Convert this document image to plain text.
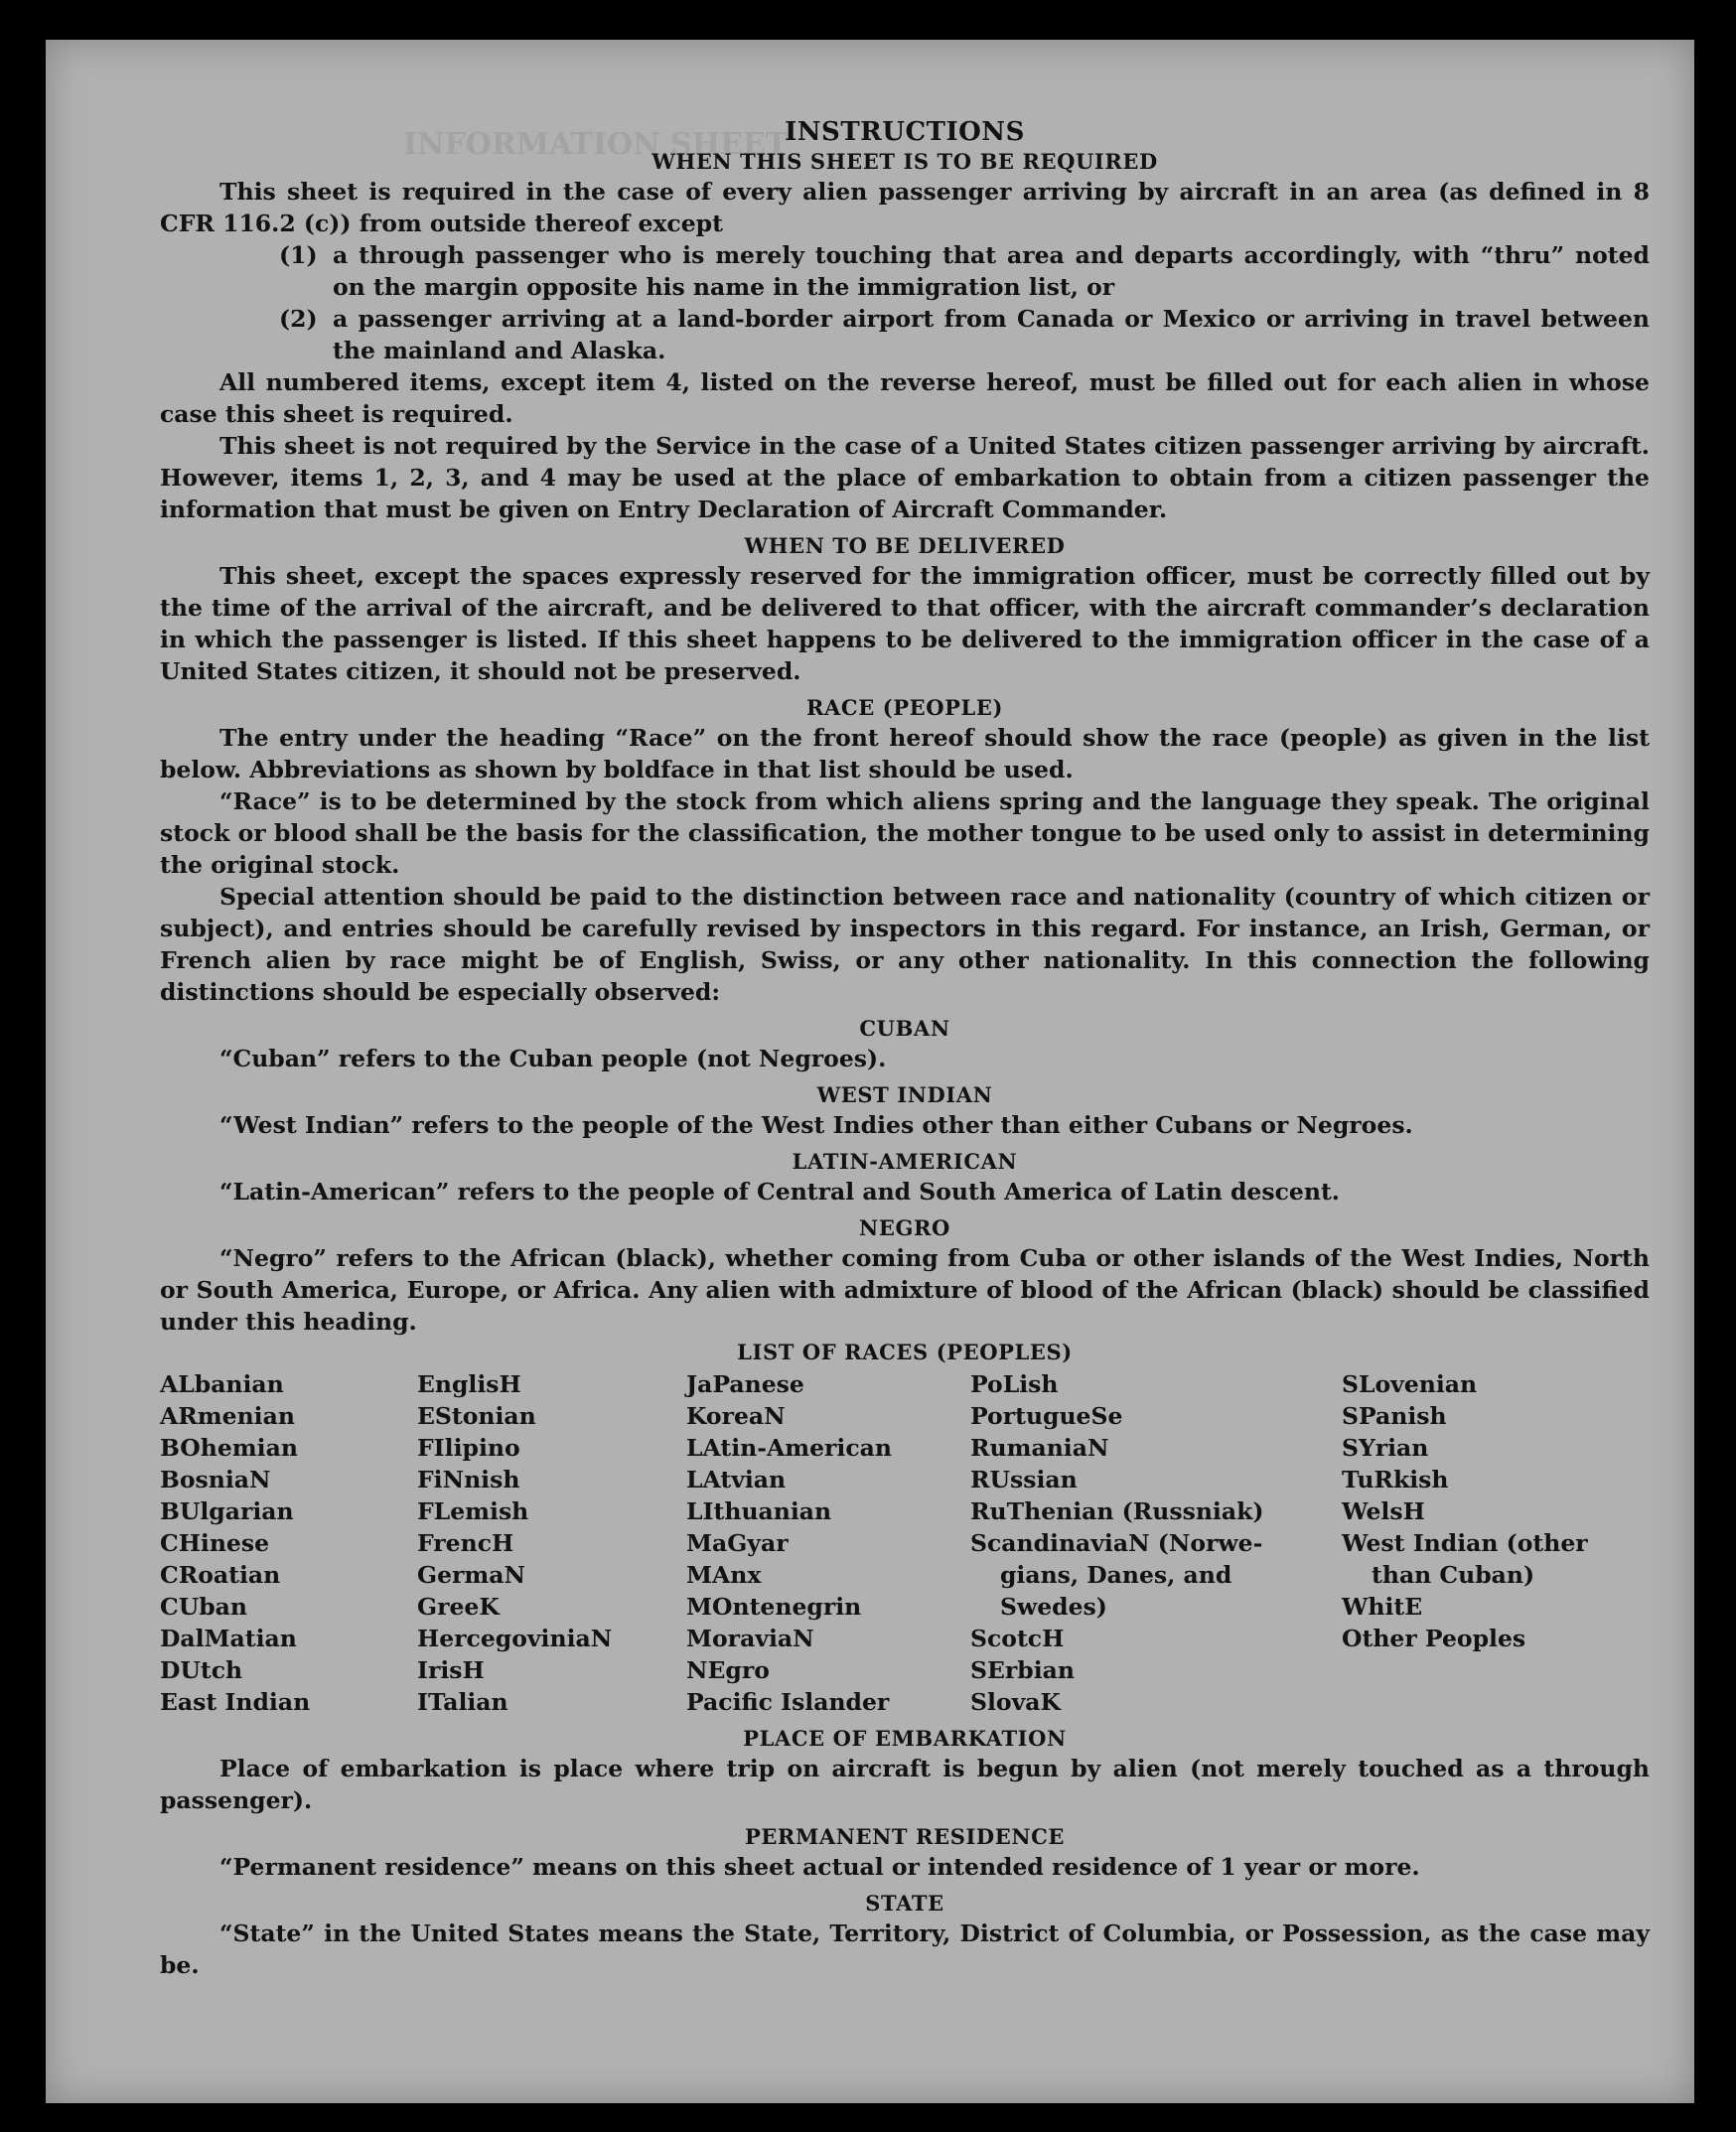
INFORMATION SHEET
INSTRUCTIONS
WHEN THIS SHEET IS TO BE REQUIRED

This sheet is required in the case of every alien passenger arriving by aircraft in an area (as defined in 8 CFR 116.2 (c)) from outside thereof except

(1) a through passenger who is merely touching that area and departs accordingly, with “thru” noted on the margin opposite his name in the immigration list, or

(2) a passenger arriving at a land-border airport from Canada or Mexico or arriving in travel between the mainland and Alaska.

All numbered items, except item 4, listed on the reverse hereof, must be filled out for each alien in whose case this sheet is required.

This sheet is not required by the Service in the case of a United States citizen passenger arriving by aircraft. However, items 1, 2, 3, and 4 may be used at the place of embarkation to obtain from a citizen passenger the information that must be given on Entry Declaration of Aircraft Commander.

WHEN TO BE DELIVERED

This sheet, except the spaces expressly reserved for the immigration officer, must be correctly filled out by the time of the arrival of the aircraft, and be delivered to that officer, with the aircraft commander’s declaration in which the passenger is listed. If this sheet happens to be delivered to the immigration officer in the case of a United States citizen, it should not be preserved.

RACE (PEOPLE)

The entry under the heading “Race” on the front hereof should show the race (people) as given in the list below. Abbreviations as shown by boldface in that list should be used.

“Race” is to be determined by the stock from which aliens spring and the language they speak. The original stock or blood shall be the basis for the classification, the mother tongue to be used only to assist in determining the original stock.

Special attention should be paid to the distinction between race and nationality (country of which citizen or subject), and entries should be carefully revised by inspectors in this regard. For instance, an Irish, German, or French alien by race might be of English, Swiss, or any other nationality. In this connection the following distinctions should be especially observed:

CUBAN

“Cuban” refers to the Cuban people (not Negroes).

WEST INDIAN

“West Indian” refers to the people of the West Indies other than either Cubans or Negroes.

LATIN-AMERICAN

“Latin-American” refers to the people of Central and South America of Latin descent.

NEGRO

“Negro” refers to the African (black), whether coming from Cuba or other islands of the West Indies, North or South America, Europe, or Africa. Any alien with admixture of blood of the African (black) should be classified under this heading.

LIST OF RACES (PEOPLES)
ALbanian
ARmenian
BOhemian
BosniaN
BUlgarian
CHinese
CRoatian
CUban
DalMatian
DUtch
East Indian
EnglisH
EStonian
FIlipino
FiNnish
FLemish
FrencH
GermaN
GreeK
HercegoviniaN
IrisH
ITalian
JaPanese
KoreaN
LAtin-American
LAtvian
LIthuanian
MaGyar
MAnx
MOntenegrin
MoraviaN
NEgro
Pacific Islander
PoLish
PortugueSe
RumaniaN
RUssian
RuThenian (Russniak)
ScandinaviaN (Norwe-
gians, Danes, and
Swedes)
ScotcH
SErbian
SlovaK
SLovenian
SPanish
SYrian
TuRkish
WelsH
West Indian (other
than Cuban)
WhitE
Other Peoples
PLACE OF EMBARKATION

Place of embarkation is place where trip on aircraft is begun by alien (not merely touched as a through passenger).

PERMANENT RESIDENCE

“Permanent residence” means on this sheet actual or intended residence of 1 year or more.

STATE

“State” in the United States means the State, Territory, District of Columbia, or Possession, as the case may be.
